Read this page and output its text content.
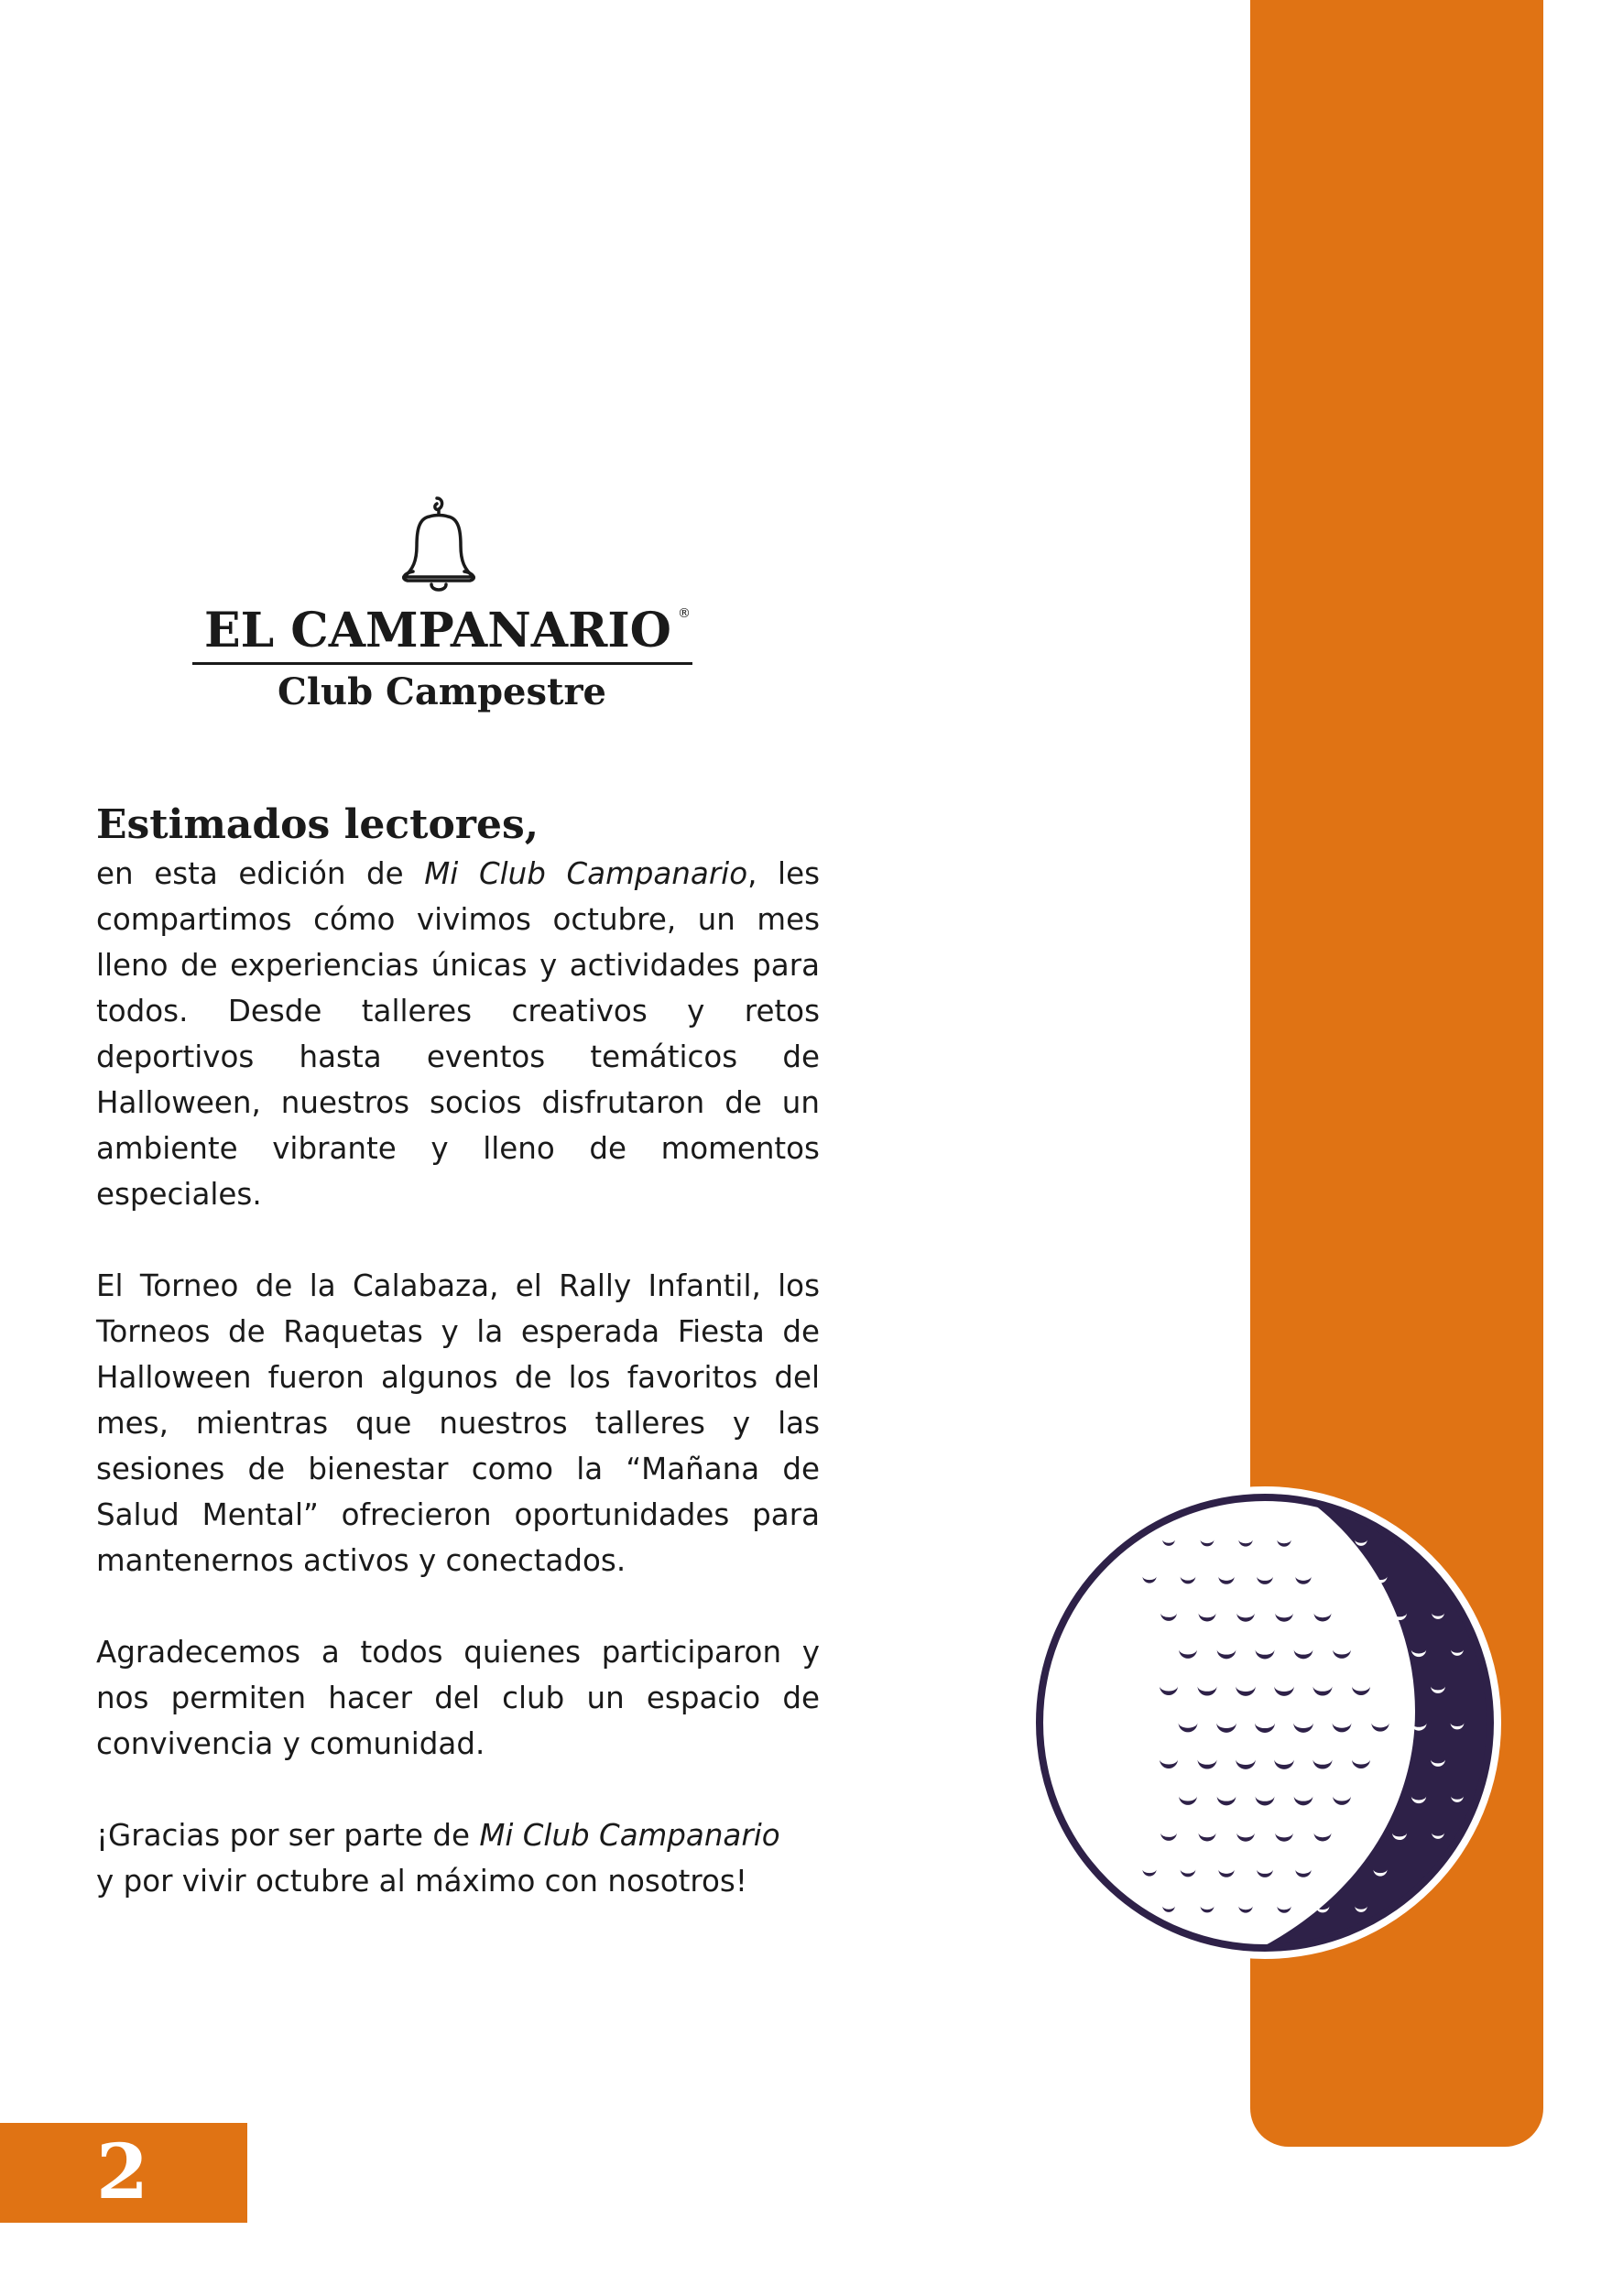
EL CAMPANARIO ®
Club Campestre
Estimados lectores,

en esta edición de Mi Club Campanario, les compartimos cómo vivimos octubre, un mes lleno de experiencias únicas y actividades para todos. Desde talleres creativos y retos deportivos hasta eventos temáticos de Halloween, nuestros socios disfrutaron de un ambiente vibrante y lleno de momentos especiales.

El Torneo de la Calabaza, el Rally Infantil, los Torneos de Raquetas y la esperada Fiesta de Halloween fueron algunos de los favoritos del mes, mientras que nuestros talleres y las sesiones de bienestar como la “Mañana de Salud Mental” ofrecieron oportunidades para mantenernos activos y conectados.

Agradecemos a todos quienes participaron y nos permiten hacer del club un espacio de convivencia y comunidad.

¡Gracias por ser parte de Mi Club Campanario
y por vivir octubre al máximo con nosotros!

2
